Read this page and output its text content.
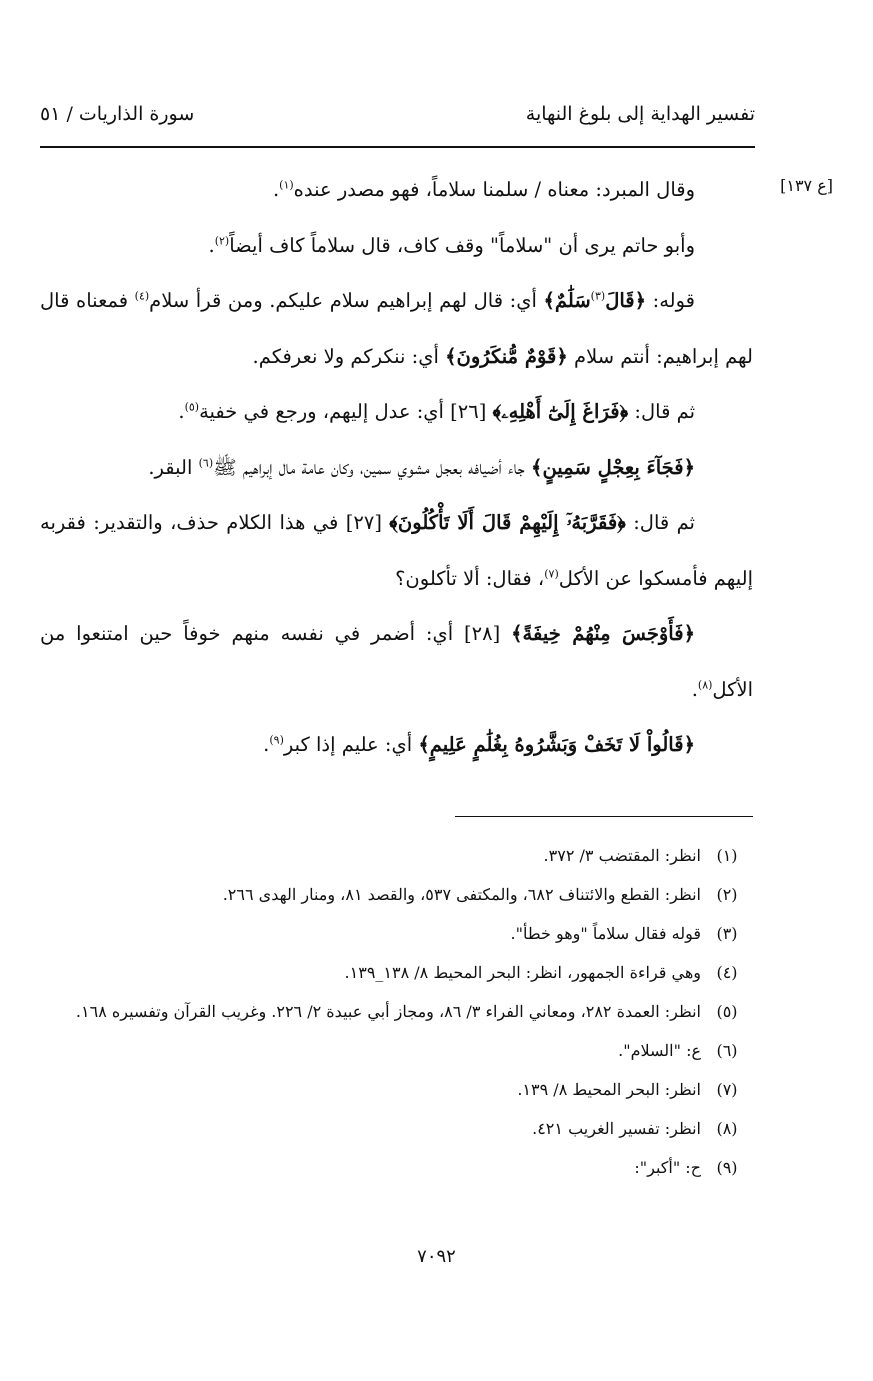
تفسير الهداية إلى بلوغ النهاية
سورة الذاريات / ٥١
[ع ١٣٧]

وقال المبرد: معناه / سلمنا سلاماً، فهو مصدر عنده$^{(١)}$.

وأبو حاتم يرى أن "سلاماً" وقف كاف، قال سلاماً كاف أيضاً$^{(٢)}$.

قوله: ﴿قَالَ$^{(٣)}$سَلَٰمٌ﴾ أي: قال لهم إبراهيم سلام عليكم. ومن قرأ سلام$^{(٤)}$ فمعناه قال لهم إبراهيم: أنتم سلام ﴿قَوْمٌ مُّنكَرُونَ﴾ أي: ننكركم ولا نعرفكم.

ثم قال: ﴿فَرَاغَ إِلَىٰٓ أَهْلِهِۦ﴾ [٢٦] أي: عدل إليهم، ورجع في خفية$^{(٥)}$.

﴿فَجَآءَ بِعِجْلٍ سَمِينٍ﴾ جاء أضيافه بعجل مشوي سمين، وكان عامة مال إبراهيم ﷺ$^{(٦)}$ البقر.

ثم قال: ﴿فَقَرَّبَهُۥٓ إِلَيْهِمْ قَالَ أَلَا تَأْكُلُونَ﴾ [٢٧] في هذا الكلام حذف، والتقدير: فقربه إليهم فأمسكوا عن الأكل$^{(٧)}$، فقال: ألا تأكلون؟

﴿فَأَوْجَسَ مِنْهُمْ خِيفَةً﴾ [٢٨] أي: أضمر في نفسه منهم خوفاً حين امتنعوا من الأكل$^{(٨)}$.

﴿قَالُواْ لَا تَخَفْ وَبَشَّرُوهُ بِغُلَٰمٍ عَلِيمٍ﴾ أي: عليم إذا كبر$^{(٩)}$.

(١)
انظر: المقتضب ٣/ ٣٧٢.
(٢)
انظر: القطع والائتناف ٦٨٢، والمكتفى ٥٣٧، والقصد ٨١، ومنار الهدى ٢٦٦.
(٣)
قوله فقال سلاماً "وهو خطأ".
(٤)
وهي قراءة الجمهور، انظر: البحر المحيط ٨/ ١٣٨_١٣٩.
(٥)
انظر: العمدة ٢٨٢، ومعاني الفراء ٣/ ٨٦، ومجاز أبي عبيدة ٢/ ٢٢٦. وغريب القرآن وتفسيره ١٦٨.
(٦)
ع: "السلام".
(٧)
انظر: البحر المحيط ٨/ ١٣٩.
(٨)
انظر: تفسير الغريب ٤٢١.
(٩)
ح: "أكبر":
٧٠٩٢
